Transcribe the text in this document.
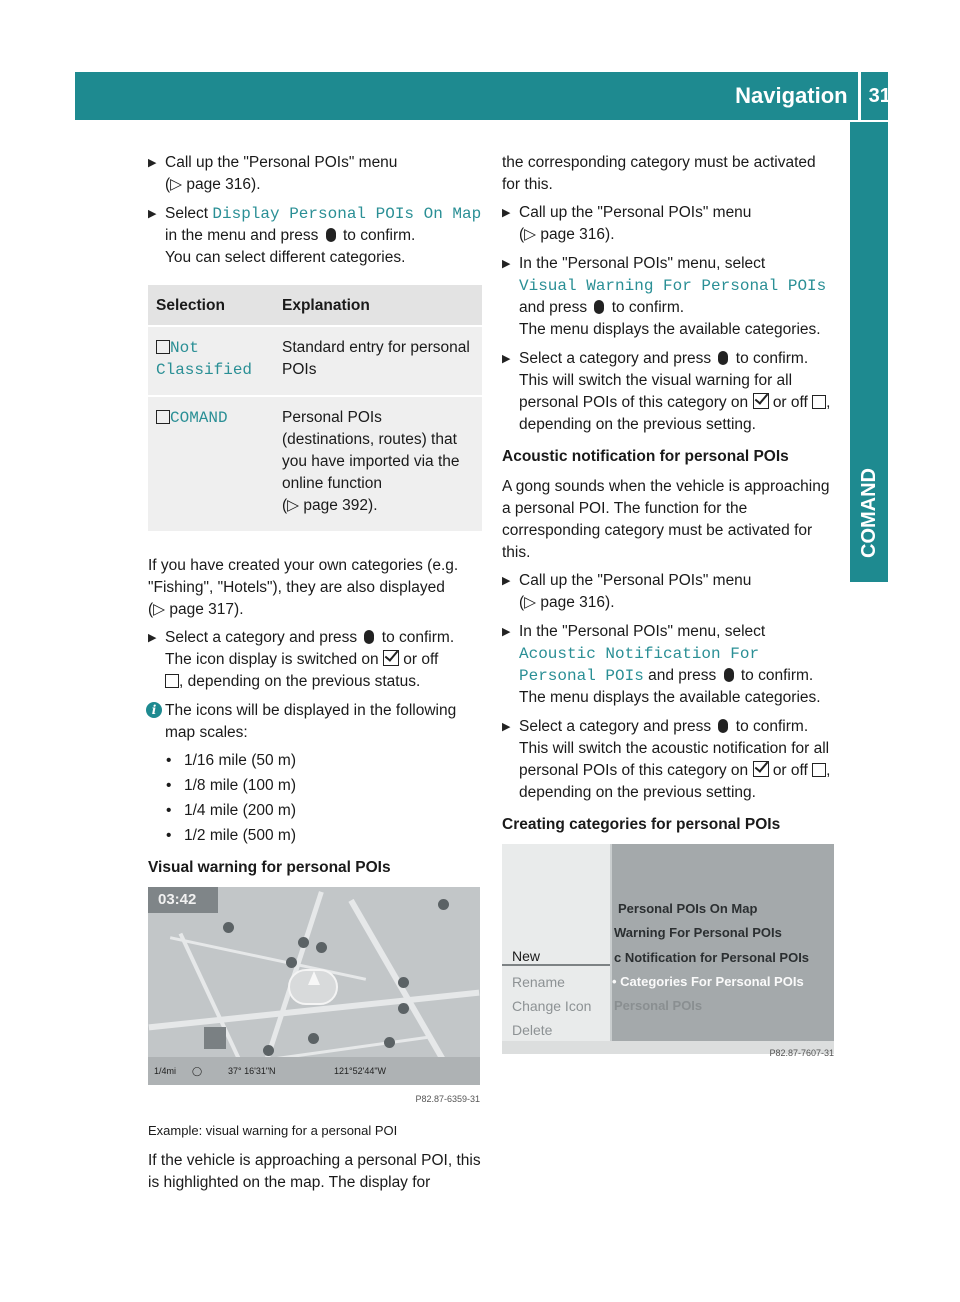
Navigation 317
COMAND
▶ Call up the "Personal POIs" menu
(▷ page 316).
▶ Select Display Personal POIs On Map
in the menu and press to confirm.
You can select different categories.
Selection	Explanation
Not Classified	Standard entry for personal POIs
COMAND	Personal POIs (destinations, routes) that you have imported via the online function
(▷ page 392).

If you have created your own categories (e.g. "Fishing", "Hotels"), they are also displayed
(▷ page 317).

▶ Select a category and press to confirm.
The icon display is switched on or off
, depending on the previous status.
i The icons will be displayed in the following map scales:
• 1/16 mile (50 m)
• 1/8 mile (100 m)
• 1/4 mile (200 m)
• 1/2 mile (500 m)
Visual warning for personal POIs
03:42
1/4mi ◯	37° 16'31"N	121°52'44"W
P82.87-6359-31
Example: visual warning for a personal POI

If the vehicle is approaching a personal POI, this is highlighted on the map. The display for

the corresponding category must be activated for this.

▶ Call up the "Personal POIs" menu
(▷ page 316).
▶ In the "Personal POIs" menu, select
Visual Warning For Personal POIs
and press to confirm.
The menu displays the available categories.
▶ Select a category and press to confirm.
This will switch the visual warning for all personal POIs of this category on or off , depending on the previous setting.
Acoustic notification for personal POIs

A gong sounds when the vehicle is approaching a personal POI. The function for the corresponding category must be activated for this.

▶ Call up the "Personal POIs" menu
(▷ page 316).
▶ In the "Personal POIs" menu, select
Acoustic Notification For Personal POIs and press to confirm.
The menu displays the available categories.
▶ Select a category and press to confirm.
This will switch the acoustic notification for all personal POIs of this category on or off , depending on the previous setting.
Creating categories for personal POIs
New
Rename
Change Icon
Delete
Personal POIs On Map
Warning For Personal POIs
c Notification for Personal POIs
• Categories For Personal POIs
Personal POIs
P82.87-7607-31
